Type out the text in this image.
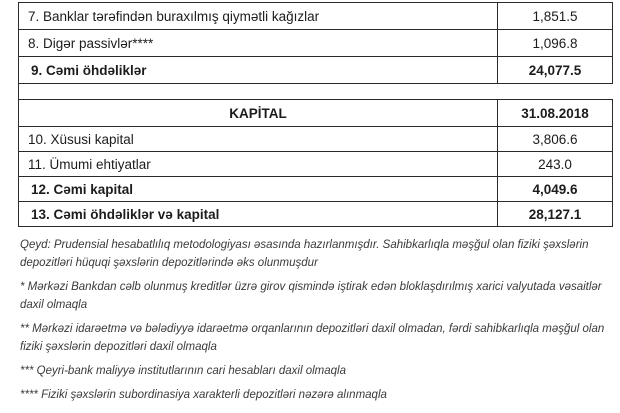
7. Banklar tərəfindən buraxılmış qiymətli kağızlar	1,851.5
8. Digər passivlər****	1,096.8
9. Cəmi öhdəliklər	24,077.5
KAPİTAL	31.08.2018
10. Xüsusi kapital	3,806.6
11. Ümumi ehtiyatlar	243.0
12. Cəmi kapital	4,049.6
13. Cəmi öhdəliklər və kapital	28,127.1

Qeyd: Prudensial hesabatlılıq metodologiyası əsasında hazırlanmışdır. Sahibkarlıqla məşğul olan fiziki şəxslərin depozitləri hüquqi şəxslərin depozitlərində əks olunmuşdur

* Mərkəzi Bankdan cəlb olunmuş kreditlər üzrə girov qismində iştirak edən bloklaşdırılmış xarici valyutada vəsaitlər daxil olmaqla

** Mərkəzi idarəetmə və bələdiyyə idarəetmə orqanlarının depozitləri daxil olmadan, fərdi sahibkarlıqla məşğul olan fiziki şəxslərin depozitləri daxil olmaqla

*** Qeyri-bank maliyyə institutlarının cari hesabları daxil olmaqla

**** Fiziki şəxslərin subordinasiya xarakterli depozitləri nəzərə alınmaqla
